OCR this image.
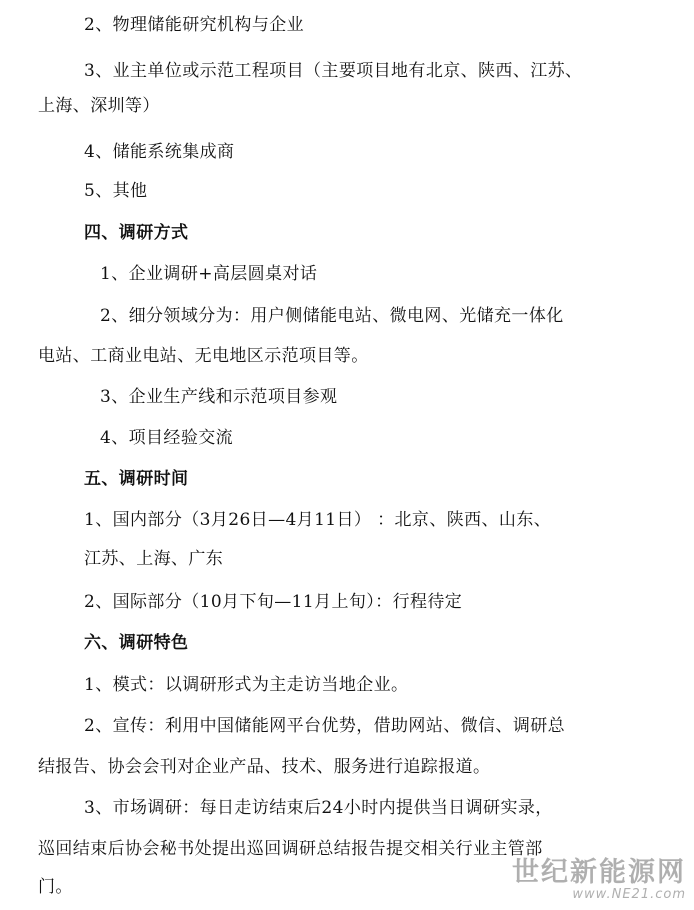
2、物理储能研究机构与企业
3、业主单位或示范工程项目（主要项目地有北京、陕西、江苏、
上海、深圳等）
4、储能系统集成商
5、其他
四、调研方式
1、企业调研+高层圆桌对话
2、细分领域分为：用户侧储能电站、微电网、光储充一体化
电站、工商业电站、无电地区示范项目等。
3、企业生产线和示范项目参观
4、项目经验交流
五、调研时间
1、国内部分（3月26日—4月11日） ：北京、陕西、山东、
江苏、上海、广东
2、国际部分（10月下旬—11月上旬）：行程待定
六、调研特色
1、模式：以调研形式为主走访当地企业。
2、宣传：利用中国储能网平台优势，借助网站、微信、调研总
结报告、协会会刊对企业产品、技术、服务进行追踪报道。
3、市场调研：每日走访结束后24小时内提供当日调研实录，
巡回结束后协会秘书处提出巡回调研总结报告提交相关行业主管部
门。	世纪新能源网
www.NE21.com
